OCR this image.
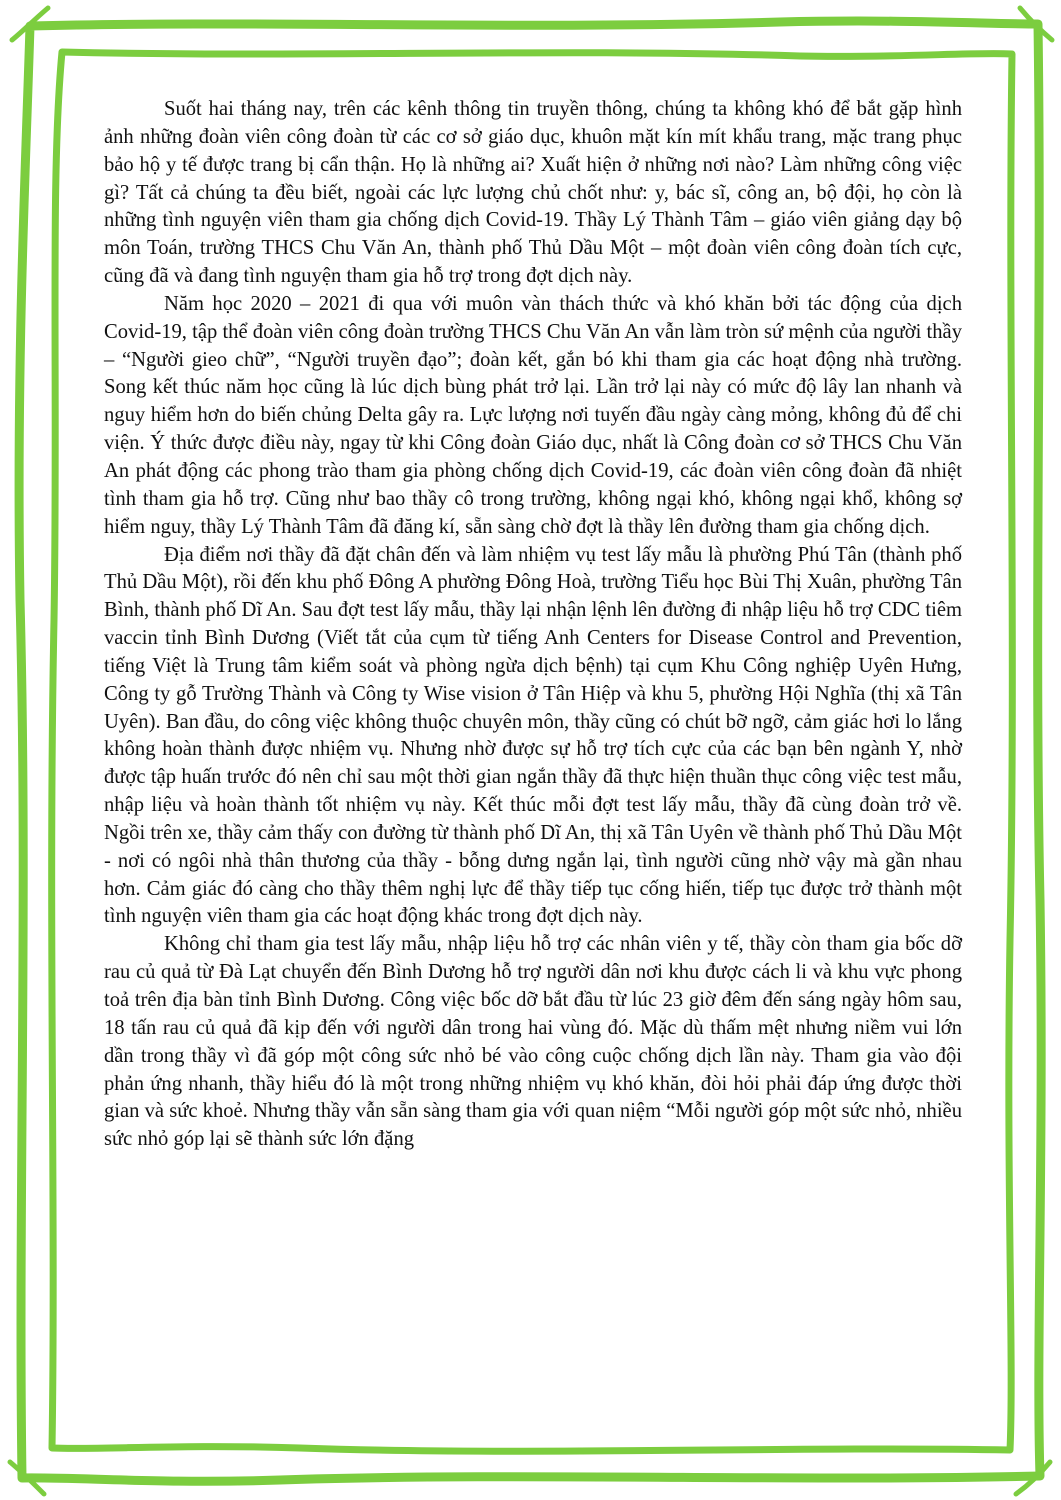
Suốt hai tháng nay, trên các kênh thông tin truyền thông, chúng ta không khó để bắt gặp hình ảnh những đoàn viên công đoàn từ các cơ sở giáo dục, khuôn mặt kín mít khẩu trang, mặc trang phục bảo hộ y tế được trang bị cẩn thận. Họ là những ai? Xuất hiện ở những nơi nào? Làm những công việc gì? Tất cả chúng ta đều biết, ngoài các lực lượng chủ chốt như: y, bác sĩ, công an, bộ đội, họ còn là những tình nguyện viên tham gia chống dịch Covid-19. Thầy Lý Thành Tâm – giáo viên giảng dạy bộ môn Toán, trường THCS Chu Văn An, thành phố Thủ Dầu Một – một đoàn viên công đoàn tích cực, cũng đã và đang tình nguyện tham gia hỗ trợ trong đợt dịch này.

Năm học 2020 – 2021 đi qua với muôn vàn thách thức và khó khăn bởi tác động của dịch Covid-19, tập thể đoàn viên công đoàn trường THCS Chu Văn An vẫn làm tròn sứ mệnh của người thầy – “Người gieo chữ”, “Người truyền đạo”; đoàn kết, gắn bó khi tham gia các hoạt động nhà trường. Song kết thúc năm học cũng là lúc dịch bùng phát trở lại. Lần trở lại này có mức độ lây lan nhanh và nguy hiểm hơn do biến chủng Delta gây ra. Lực lượng nơi tuyến đầu ngày càng mỏng, không đủ để chi viện. Ý thức được điều này, ngay từ khi Công đoàn Giáo dục, nhất là Công đoàn cơ sở THCS Chu Văn An phát động các phong trào tham gia phòng chống dịch Covid-19, các đoàn viên công đoàn đã nhiệt tình tham gia hỗ trợ. Cũng như bao thầy cô trong trường, không ngại khó, không ngại khổ, không sợ hiểm nguy, thầy Lý Thành Tâm đã đăng kí, sẵn sàng chờ đợt là thầy lên đường tham gia chống dịch.

Địa điểm nơi thầy đã đặt chân đến và làm nhiệm vụ test lấy mẫu là phường Phú Tân (thành phố Thủ Dầu Một), rồi đến khu phố Đông A phường Đông Hoà, trường Tiểu học Bùi Thị Xuân, phường Tân Bình, thành phố Dĩ An. Sau đợt test lấy mẫu, thầy lại nhận lệnh lên đường đi nhập liệu hỗ trợ CDC tiêm vaccin tỉnh Bình Dương (Viết tắt của cụm từ tiếng Anh Centers for Disease Control and Prevention, tiếng Việt là Trung tâm kiểm soát và phòng ngừa dịch bệnh) tại cụm Khu Công nghiệp Uyên Hưng, Công ty gỗ Trường Thành và Công ty Wise vision ở Tân Hiệp và khu 5, phường Hội Nghĩa (thị xã Tân Uyên). Ban đầu, do công việc không thuộc chuyên môn, thầy cũng có chút bỡ ngỡ, cảm giác hơi lo lắng không hoàn thành được nhiệm vụ. Nhưng nhờ được sự hỗ trợ tích cực của các bạn bên ngành Y, nhờ được tập huấn trước đó nên chỉ sau một thời gian ngắn thầy đã thực hiện thuần thục công việc test mẫu, nhập liệu và hoàn thành tốt nhiệm vụ này. Kết thúc mỗi đợt test lấy mẫu, thầy đã cùng đoàn trở về. Ngồi trên xe, thầy cảm thấy con đường từ thành phố Dĩ An, thị xã Tân Uyên về thành phố Thủ Dầu Một - nơi có ngôi nhà thân thương của thầy - bỗng dưng ngắn lại, tình người cũng nhờ vậy mà gần nhau hơn. Cảm giác đó càng cho thầy thêm nghị lực để thầy tiếp tục cống hiến, tiếp tục được trở thành một tình nguyện viên tham gia các hoạt động khác trong đợt dịch này.

Không chỉ tham gia test lấy mẫu, nhập liệu hỗ trợ các nhân viên y tế, thầy còn tham gia bốc dỡ rau củ quả từ Đà Lạt chuyển đến Bình Dương hỗ trợ người dân nơi khu được cách li và khu vực phong toả trên địa bàn tỉnh Bình Dương. Công việc bốc dỡ bắt đầu từ lúc 23 giờ đêm đến sáng ngày hôm sau, 18 tấn rau củ quả đã kịp đến với người dân trong hai vùng đó. Mặc dù thấm mệt nhưng niềm vui lớn dần trong thầy vì đã góp một công sức nhỏ bé vào công cuộc chống dịch lần này. Tham gia vào đội phản ứng nhanh, thầy hiểu đó là một trong những nhiệm vụ khó khăn, đòi hỏi phải đáp ứng được thời gian và sức khoẻ. Nhưng thầy vẫn sẵn sàng tham gia với quan niệm “Mỗi người góp một sức nhỏ, nhiều sức nhỏ góp lại sẽ thành sức lớn đặng
